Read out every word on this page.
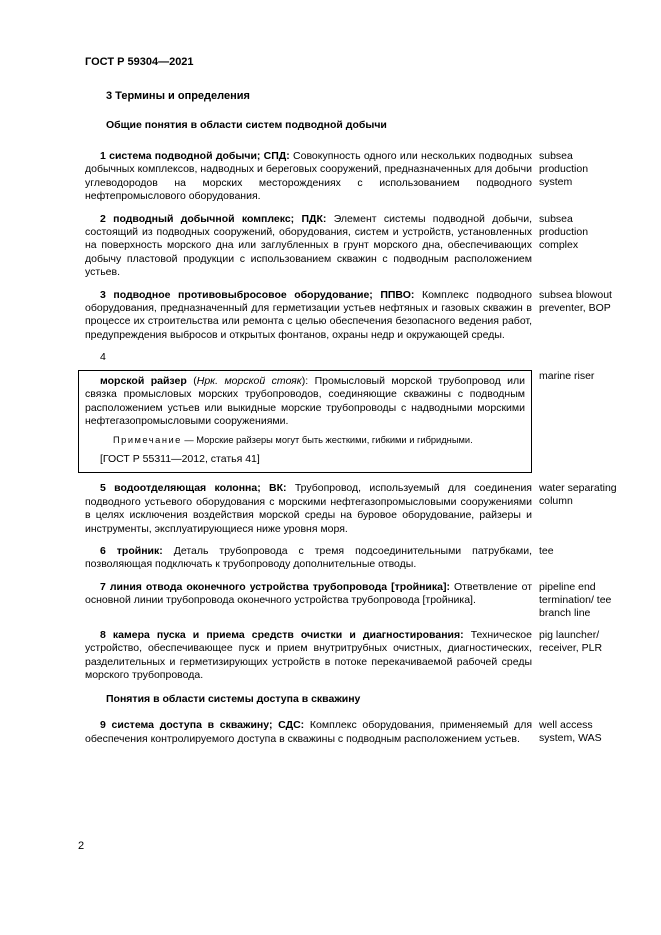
ГОСТ Р 59304—2021
3 Термины и определения
Общие понятия в области систем подводной добычи

1 система подводной добычи; СПД: Совокупность одного или нескольких подводных добычных комплексов, надводных и береговых сооружений, предназначенных для добычи углеводородов на морских месторождениях с использованием подводного нефтепромыслового оборудования.

subsea production system

2 подводный добычной комплекс; ПДК: Элемент системы подводной добычи, состоящий из подводных сооружений, оборудования, систем и устройств, установленных на поверхность морского дна или заглубленных в грунт морского дна, обеспечивающих добычу пластовой продукции с использованием скважин с подводным расположением устьев.

subsea production complex

3 подводное противовыбросовое оборудование; ППВО: Комплекс подводного оборудования, предназначенный для герметизации устьев нефтяных и газовых скважин в процессе их строительства или ремонта с целью обеспечения безопасного ведения работ, предупреждения выбросов и открытых фонтанов, охраны недр и окружающей среды.

subsea blowout preventer, BOP

4

морской райзер (Нрк. морской стояк): Промысловый морской трубопровод или связка промысловых морских трубопроводов, соединяющие скважины с подводным расположением устьев или выкидные морские трубопроводы с надводными морскими нефтегазопромысловыми сооружениями.

Примечание — Морские райзеры могут быть жесткими, гибкими и гибридными.

[ГОСТ Р 55311—2012, статья 41]

marine riser

5 водоотделяющая колонна; ВК: Трубопровод, используемый для соединения подводного устьевого оборудования с морскими нефтегазопромысловыми сооружениями в целях исключения воздействия морской среды на буровое оборудование, райзеры и инструменты, эксплуатирующиеся ниже уровня моря.

water separating column

6 тройник: Деталь трубопровода с тремя подсоединительными патрубками, позволяющая подключать к трубопроводу дополнительные отводы.

tee

7 линия отвода оконечного устройства трубопровода [тройника]: Ответвление от основной линии трубопровода оконечного устройства трубопровода [тройника].

pipeline end termination/ tee branch line

8 камера пуска и приема средств очистки и диагностирования: Техническое устройство, обеспечивающее пуск и прием внутритрубных очистных, диагностических, разделительных и герметизирующих устройств в потоке перекачиваемой рабочей среды морского трубопровода.

pig launcher/ receiver, PLR
Понятия в области системы доступа в скважину

9 система доступа в скважину; СДС: Комплекс оборудования, применяемый для обеспечения контролируемого доступа в скважины с подводным расположением устьев.

well access system, WAS
2
